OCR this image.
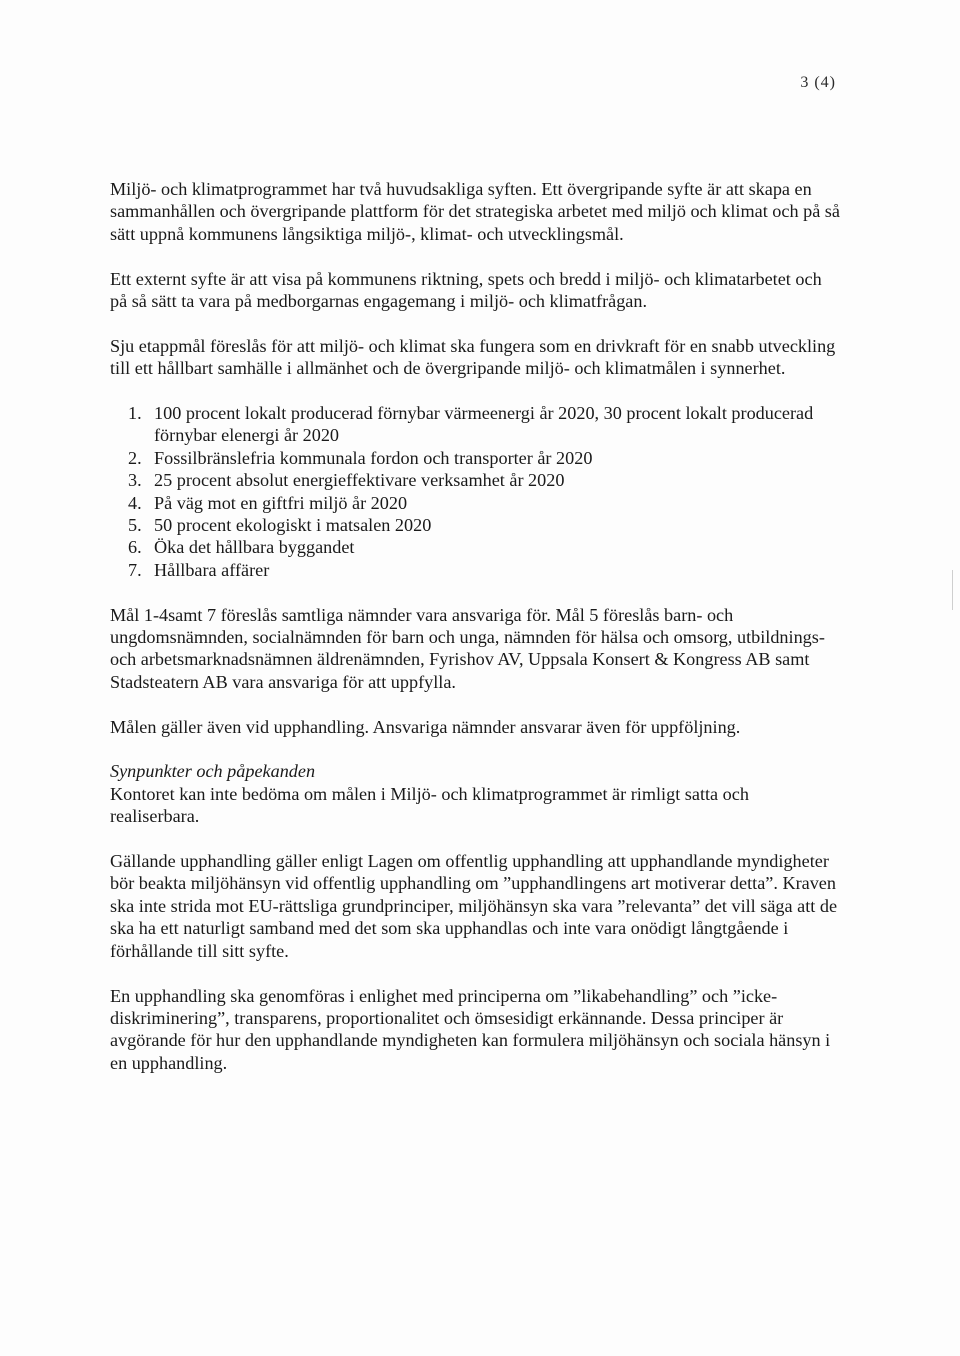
3 (4)

Miljö- och klimatprogrammet har två huvudsakliga syften. Ett övergripande syfte är att skapa en sammanhållen och övergripande plattform för det strategiska arbetet med miljö och klimat och på så sätt uppnå kommunens långsiktiga miljö-, klimat- och utvecklingsmål.

Ett externt syfte är att visa på kommunens riktning, spets och bredd i miljö- och klimatarbetet och på så sätt ta vara på medborgarnas engagemang i miljö- och klimatfrågan.

Sju etappmål föreslås för att miljö- och klimat ska fungera som en drivkraft för en snabb utveckling till ett hållbart samhälle i allmänhet och de övergripande miljö- och klimatmålen i synnerhet.

1. 100 procent lokalt producerad förnybar värmeenergi år 2020, 30 procent lokalt producerad förnybar elenergi år 2020
2. Fossilbränslefria kommunala fordon och transporter år 2020
3. 25 procent absolut energieffektivare verksamhet år 2020
4. På väg mot en giftfri miljö år 2020
5. 50 procent ekologiskt i matsalen 2020
6. Öka det hållbara byggandet
7. Hållbara affärer

Mål 1-4samt 7 föreslås samtliga nämnder vara ansvariga för. Mål 5 föreslås barn- och ungdomsnämnden, socialnämnden för barn och unga, nämnden för hälsa och omsorg, utbildnings- och arbetsmarknadsnämnen äldrenämnden, Fyrishov AV, Uppsala Konsert & Kongress AB samt Stadsteatern AB vara ansvariga för att uppfylla.

Målen gäller även vid upphandling. Ansvariga nämnder ansvarar även för uppföljning.

Synpunkter och påpekanden

Kontoret kan inte bedöma om målen i Miljö- och klimatprogrammet är rimligt satta och realiserbara.

Gällande upphandling gäller enligt Lagen om offentlig upphandling att upphandlande myndigheter bör beakta miljöhänsyn vid offentlig upphandling om ”upphandlingens art motiverar detta”. Kraven ska inte strida mot EU-rättsliga grundprinciper, miljöhänsyn ska vara ”relevanta” det vill säga att de ska ha ett naturligt samband med det som ska upphandlas och inte vara onödigt långtgående i förhållande till sitt syfte.

En upphandling ska genomföras i enlighet med principerna om ”likabehandling” och ”icke-diskriminering”, transparens, proportionalitet och ömsesidigt erkännande. Dessa principer är avgörande för hur den upphandlande myndigheten kan formulera miljöhänsyn och sociala hänsyn i en upphandling.
